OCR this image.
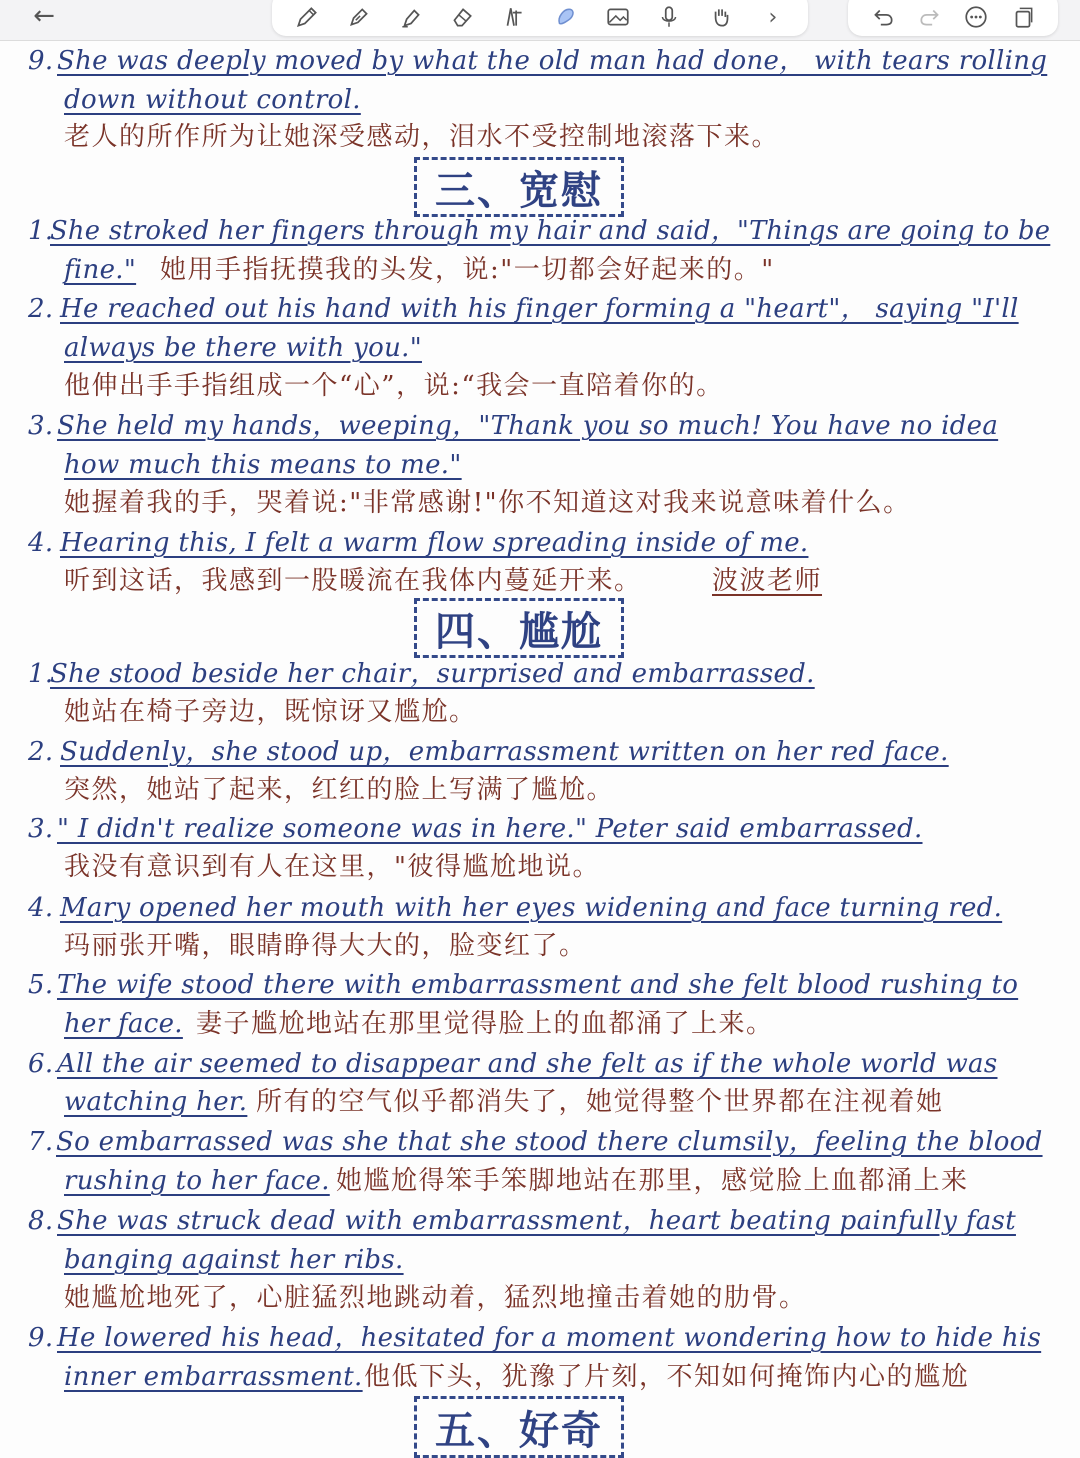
←	›
9. She was deeply moved by what the old man had done， with tears rolling
down without control.
老人的所作所为让她深受感动，泪水不受控制地滚落下来。
三、宽慰
1.
She stroked her fingers through my hair and said，"Things are going to be
fine." 她用手指抚摸我的头发，说:"一切都会好起来的。"
2. He reached out his hand with his finger forming a "heart"， saying "I'll
always be there with you."
他伸出手手指组成一个“心”，说:“我会一直陪着你的。
3. She held my hands，weeping，"Thank you so much! You have no idea
how much this means to me."
她握着我的手，哭着说:"非常感谢!"你不知道这对我来说意味着什么。
4. Hearing this, I felt a warm flow spreading inside of me.
听到这话，我感到一股暖流在我体内蔓延开来。	波波老师
四、尴尬
1.
She stood beside her chair，surprised and embarrassed.
她站在椅子旁边，既惊讶又尴尬。
2. Suddenly，she stood up，embarrassment written on her red face.
突然，她站了起来，红红的脸上写满了尴尬。
3. " I didn't realize someone was in here." Peter said embarrassed.
我没有意识到有人在这里，"彼得尴尬地说。
4. Mary opened her mouth with her eyes widening and face turning red.
玛丽张开嘴，眼睛睁得大大的，脸变红了。
5. The wife stood there with embarrassment and she felt blood rushing to
her face. 妻子尴尬地站在那里觉得脸上的血都涌了上来。
6. All the air seemed to disappear and she felt as if the whole world was
watching her. 所有的空气似乎都消失了，她觉得整个世界都在注视着她
7. So embarrassed was she that she stood there clumsily，feeling the blood
rushing to her face. 她尴尬得笨手笨脚地站在那里，感觉脸上血都涌上来
8. She was struck dead with embarrassment，heart beating painfully fast
banging against her ribs.
她尴尬地死了，心脏猛烈地跳动着，猛烈地撞击着她的肋骨。
9. He lowered his head，hesitated for a moment wondering how to hide his
inner embarrassment. 他低下头，犹豫了片刻，不知如何掩饰内心的尴尬
五、好奇
